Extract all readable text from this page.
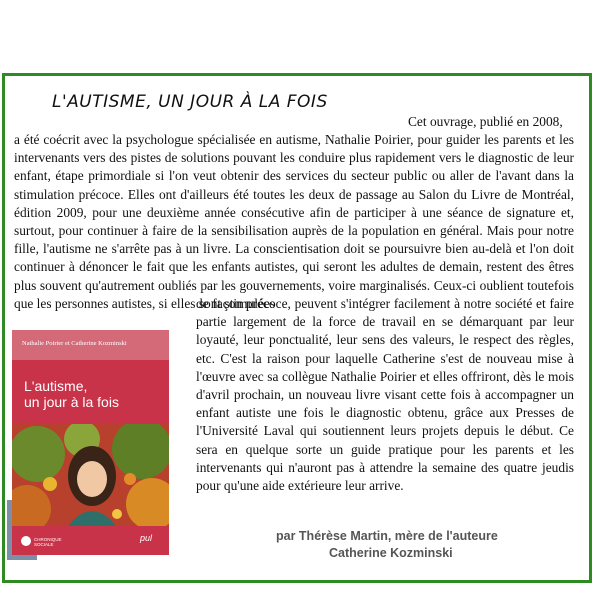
L'AUTISME, UN JOUR À LA FOIS
Cet ouvrage, publié en 2008,
a été coécrit avec la psychologue spécialisée en autisme, Nathalie Poirier, pour guider les parents et les intervenants vers des pistes de solutions pouvant les conduire plus rapidement vers le diagnostic de leur enfant, étape primordiale si l'on veut obtenir des services du secteur public ou aller de l'avant dans la stimulation précoce. Elles ont d'ailleurs été toutes les deux de passage au Salon du Livre de Montréal, édition 2009, pour une deuxième année consécutive afin de participer à une séance de signature et, surtout, pour continuer à faire de la sensibilisation auprès de la population en général. Mais pour notre fille, l'autisme ne s'arrête pas à un livre. La conscientisation doit se poursuivre bien au-delà et l'on doit continuer à dénoncer le fait que les enfants autistes, qui seront les adultes de demain, restent des êtres plus souvent qu'autrement oubliés par les gouvernements, voire marginalisés. Ceux-ci oublient toutefois que les personnes autistes, si elles sont stimulées
de façon précoce, peuvent s'intégrer facilement à notre société et faire partie largement de la force de travail en se démarquant par leur loyauté, leur ponctualité, leur sens des valeurs, le respect des règles, etc. C'est la raison pour laquelle Catherine s'est de nouveau mise à l'œuvre avec sa collègue Nathalie Poirier et elles offriront, dès le mois d'avril prochain, un nouveau livre visant cette fois à accompagner un enfant autiste une fois le diagnostic obtenu, grâce aux Presses de l'Université Laval qui soutiennent leurs projets depuis le début. Ce sera en quelque sorte un guide pratique pour les parents et les intervenants qui n'auront pas à attendre la semaine des quatre jeudis pour qu'une aide extérieure leur arrive.
Nathalie Poirier et Catherine Kozminski
L'autisme,
un jour à la fois
CHRONIQUE
SOCIALE
pul	par Thérèse Martin, mère de l'auteure
Catherine Kozminski
